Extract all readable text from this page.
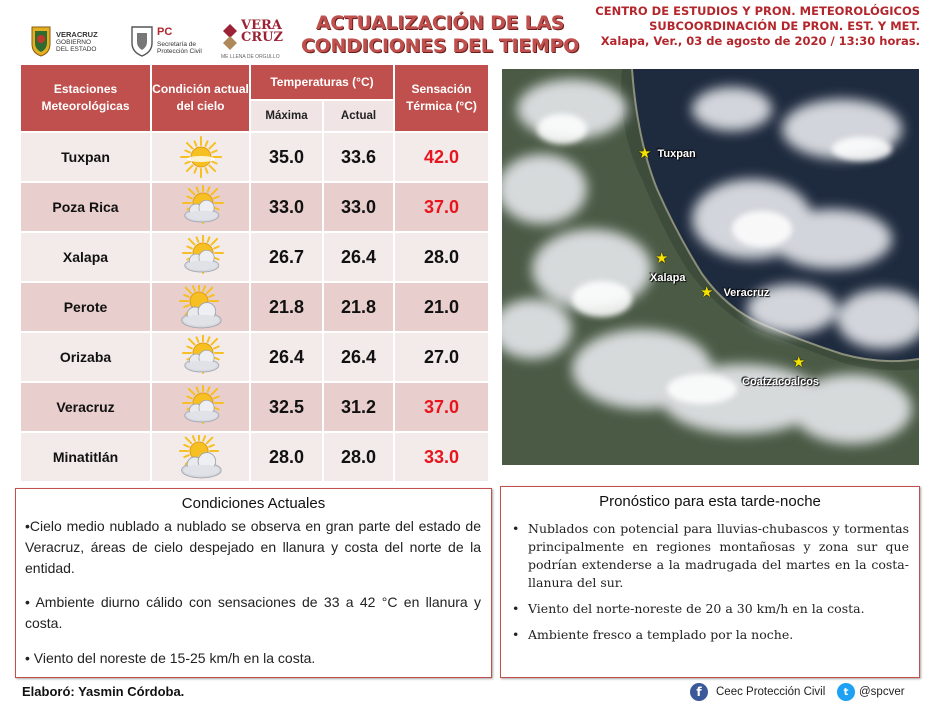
VERACRUZ
GOBIERNO
DEL ESTADO
PC
Secretaría de
Protección Civil
VERA
CRUZ
ME LLENA DE ORGULLO
ACTUALIZACIÓN DE LAS
CONDICIONES DEL TIEMPO
CENTRO DE ESTUDIOS Y PRON. METEOROLÓGICOS
SUBCOORDINACIÓN DE PRON. EST. Y MET.
Xalapa, Ver., 03 de agosto de 2020 / 13:30 horas.
Estaciones Meteorológicas	Condición actual del cielo	Temperaturas (°C)		Sensación Térmica (°C)
		Máxima	Actual	
Tuxpan		35.0	33.6	42.0
Poza Rica		33.0	33.0	37.0
Xalapa		26.7	26.4	28.0
Perote		21.8	21.8	21.0
Orizaba		26.4	26.4	27.0
Veracruz		32.5	31.2	37.0
Minatitlán		28.0	28.0	33.0
★ Tuxpan
★
Xalapa
★ Veracruz
★
Coatzacoalcos
Condiciones Actuales

•Cielo medio nublado a nublado se observa en gran parte del estado de Veracruz, áreas de cielo despejado en llanura y costa del norte de la entidad.

• Ambiente diurno cálido con sensaciones de 33 a 42 °C en llanura y costa.

• Viento del noreste de 15-25 km/h en la costa.

Pronóstico para esta tarde-noche
• Nublados con potencial para lluvias-chubascos y tormentas principalmente en regiones montañosas y zona sur que podrían extenderse a la madrugada del martes en la costa-llanura del sur.
• Viento del norte-noreste de 20 a 30 km/h en la costa.
• Ambiente fresco a templado por la noche.
Elaboró: Yasmin Córdoba.	f	Ceec Protección Civil	t @spcver
